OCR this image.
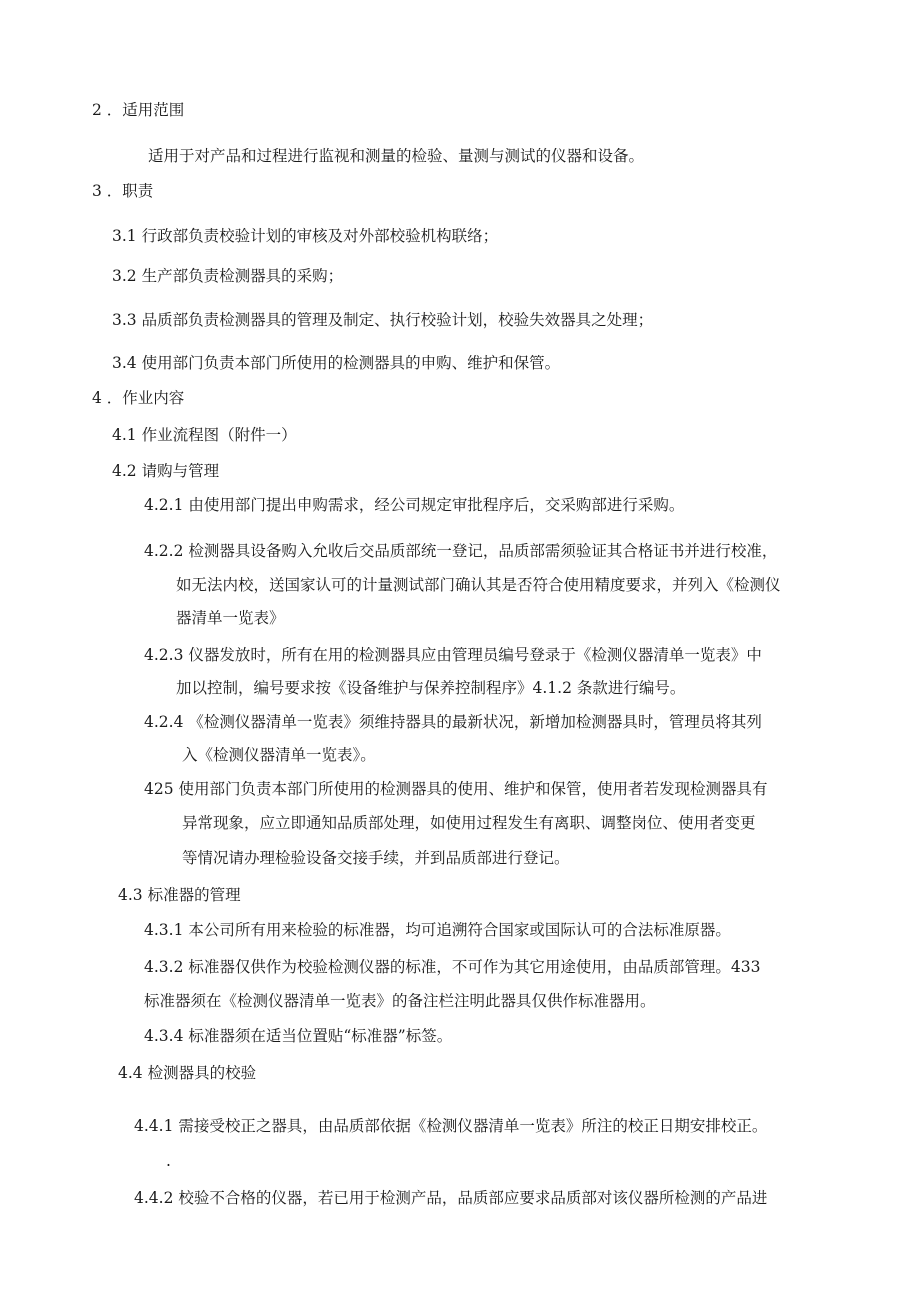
2 ．适用范围
适用于对产品和过程进行监视和测量的检验、量测与测试的仪器和设备。
3 ．职责
3.1 行政部负责校验计划的审核及对外部校验机构联络；
3.2 生产部负责检测器具的采购；
3.3 品质部负责检测器具的管理及制定、执行校验计划，校验失效器具之处理；
3.4 使用部门负责本部门所使用的检测器具的申购、维护和保管。
4 ．作业内容
4.1 作业流程图（附件一）
4.2 请购与管理
4.2.1 由使用部门提出申购需求，经公司规定审批程序后，交采购部进行采购。
4.2.2 检测器具设备购入允收后交品质部统一登记，品质部需须验证其合格证书并进行校准，
如无法内校，送国家认可的计量测试部门确认其是否符合使用精度要求，并列入《检测仪
器清单一览表》
4.2.3 仪器发放时，所有在用的检测器具应由管理员编号登录于《检测仪器清单一览表》中
加以控制，编号要求按《设备维护与保养控制程序》4.1.2 条款进行编号。
4.2.4 《检测仪器清单一览表》须维持器具的最新状况，新增加检测器具时，管理员将其列
入《检测仪器清单一览表》。
425 使用部门负责本部门所使用的检测器具的使用、维护和保管，使用者若发现检测器具有
异常现象，应立即通知品质部处理，如使用过程发生有离职、调整岗位、使用者变更
等情况请办理检验设备交接手续，并到品质部进行登记。
4.3 标准器的管理
4.3.1 本公司所有用来检验的标准器，均可追溯符合国家或国际认可的合法标准原器。
4.3.2 标准器仅供作为校验检测仪器的标准，不可作为其它用途使用，由品质部管理。433
标准器须在《检测仪器清单一览表》的备注栏注明此器具仅供作标准器用。
4.3.4 标准器须在适当位置贴“标准器”标签。
4.4 检测器具的校验
4.4.1 需接受校正之器具，由品质部依据《检测仪器清单一览表》所注的校正日期安排校正。
.
4.4.2 校验不合格的仪器，若已用于检测产品，品质部应要求品质部对该仪器所检测的产品进
